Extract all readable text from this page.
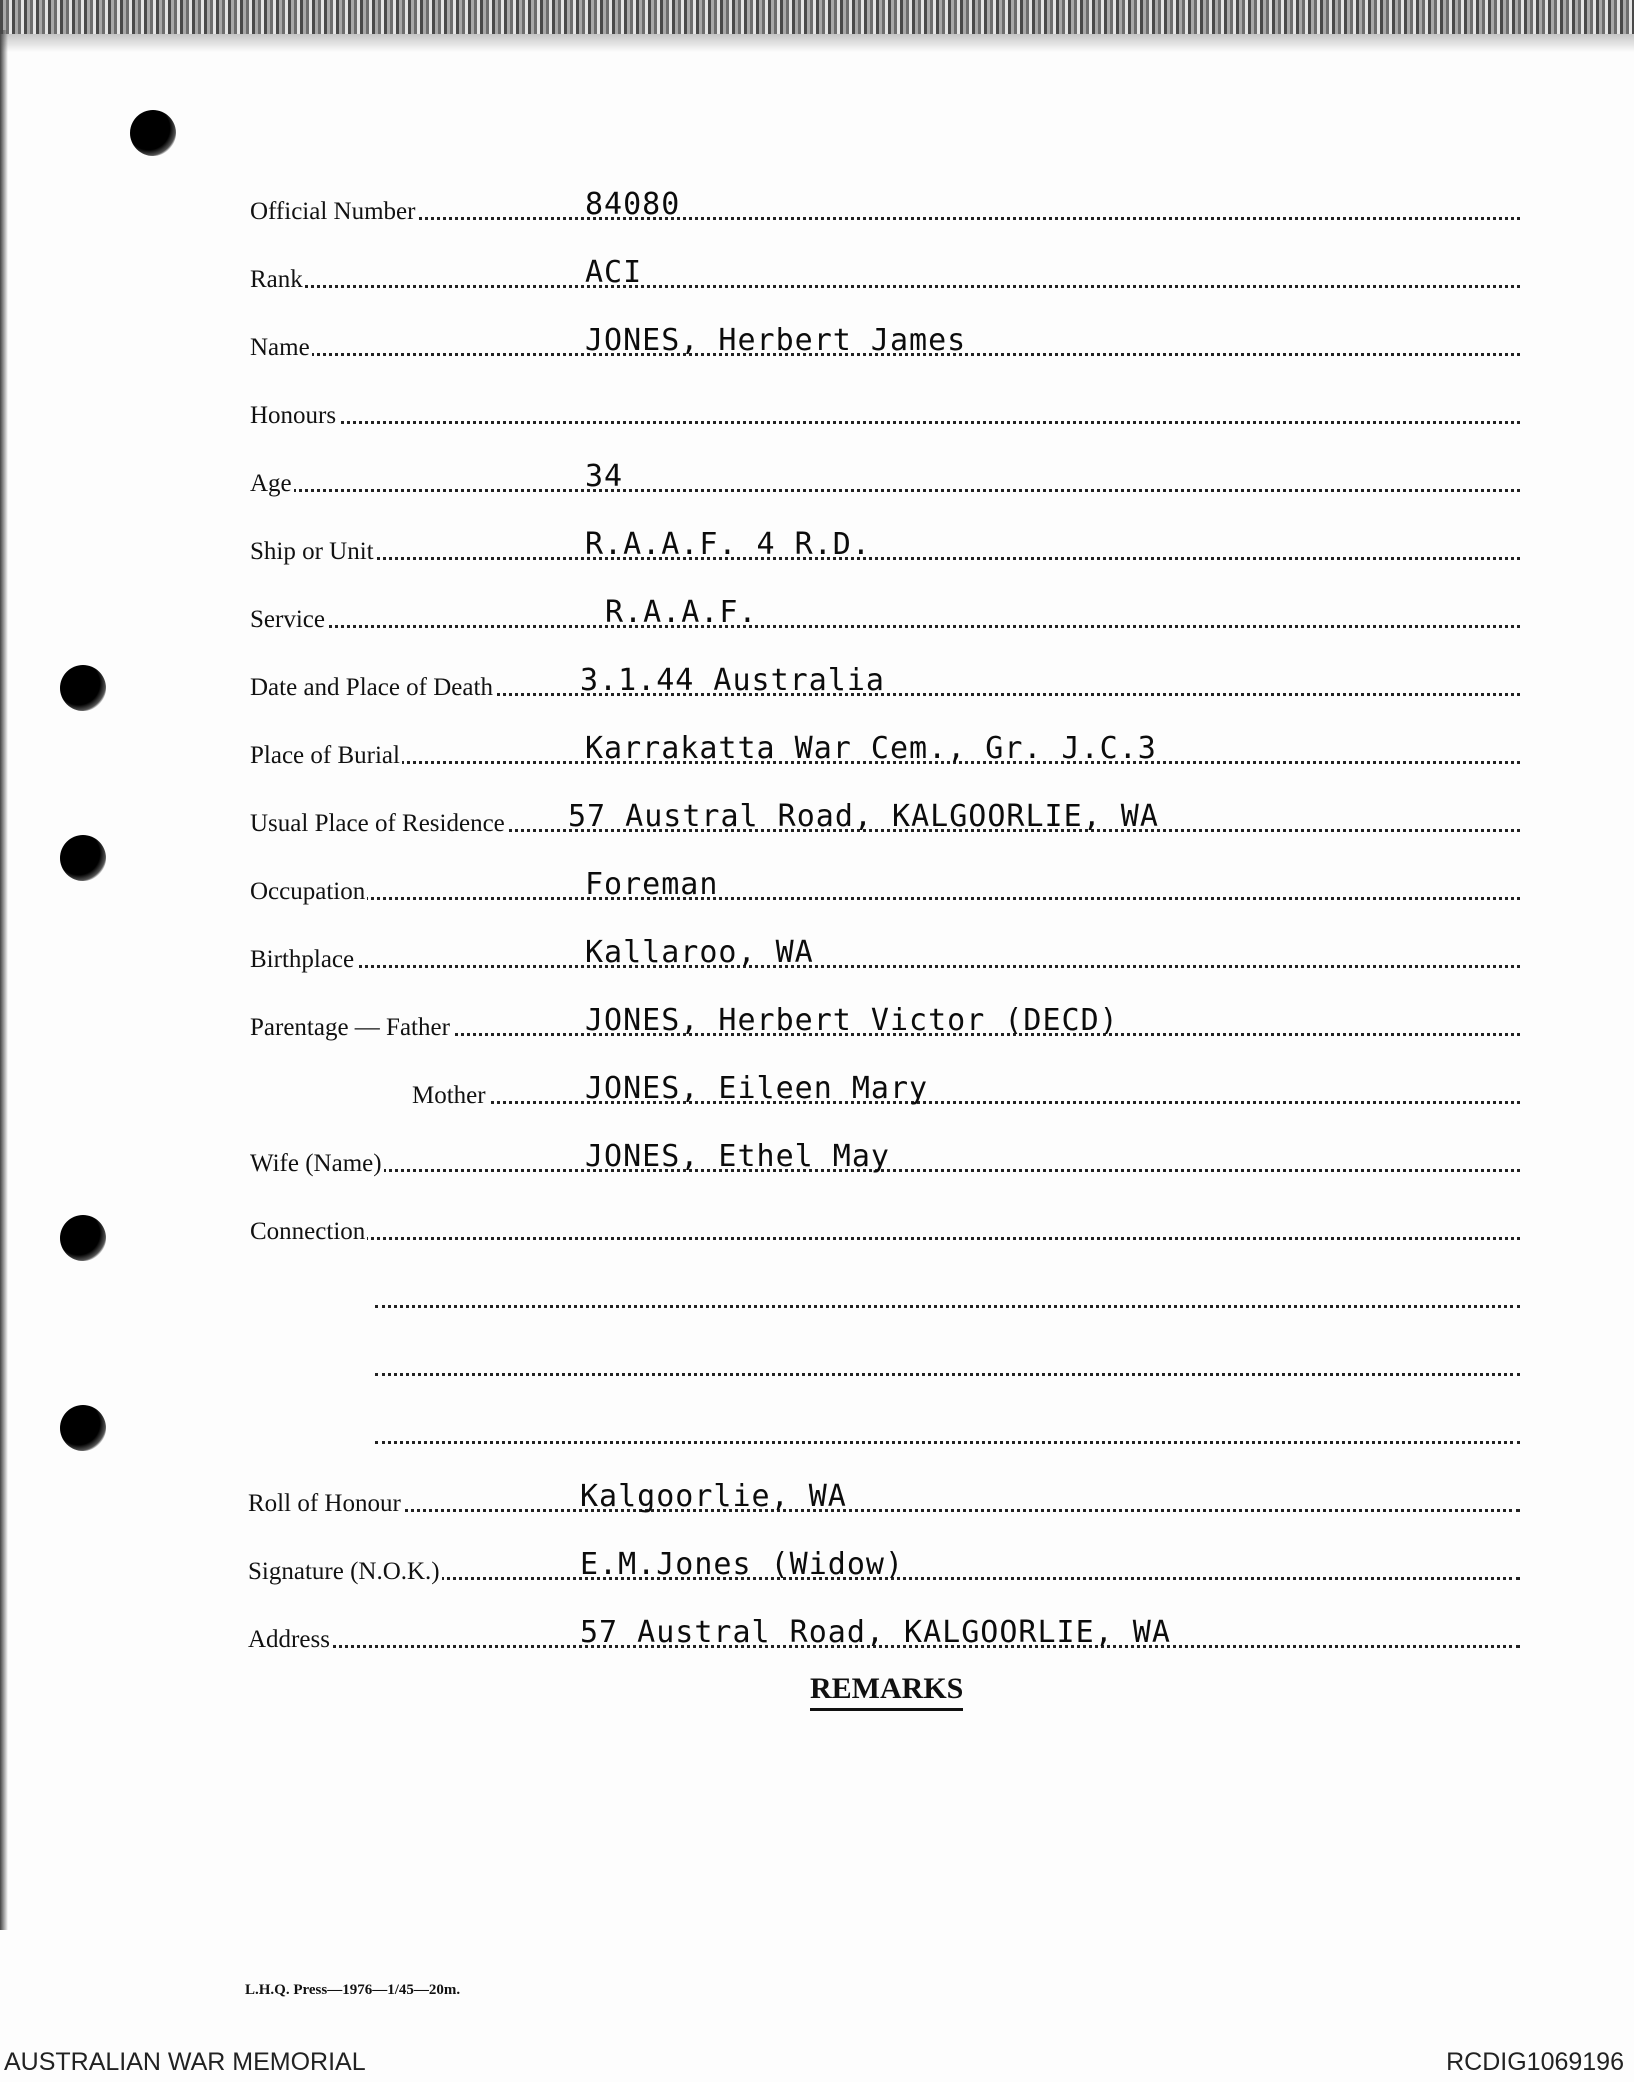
Official Number	84080
Rank	ACI
Name	JONES, Herbert James
Honours
Age	34
Ship or Unit	R.A.A.F. 4 R.D.
Service	R.A.A.F.
Date and Place of Death	3.1.44 Australia
Place of Burial	Karrakatta War Cem., Gr. J.C.3
Usual Place of Residence 57 Austral Road, KALGOORLIE, WA
Occupation	Foreman
Birthplace	Kallaroo, WA
Parentage — Father	JONES, Herbert Victor (DECD)
Mother	JONES, Eileen Mary
Wife (Name)	JONES, Ethel May
Connection
Roll of Honour	Kalgoorlie, WA
Signature (N.O.K.)	E.M.Jones (Widow)
Address	57 Austral Road, KALGOORLIE, WA
REMARKS
L.H.Q. Press—1976—1/45—20m.
AUSTRALIAN WAR MEMORIAL	RCDIG1069196
